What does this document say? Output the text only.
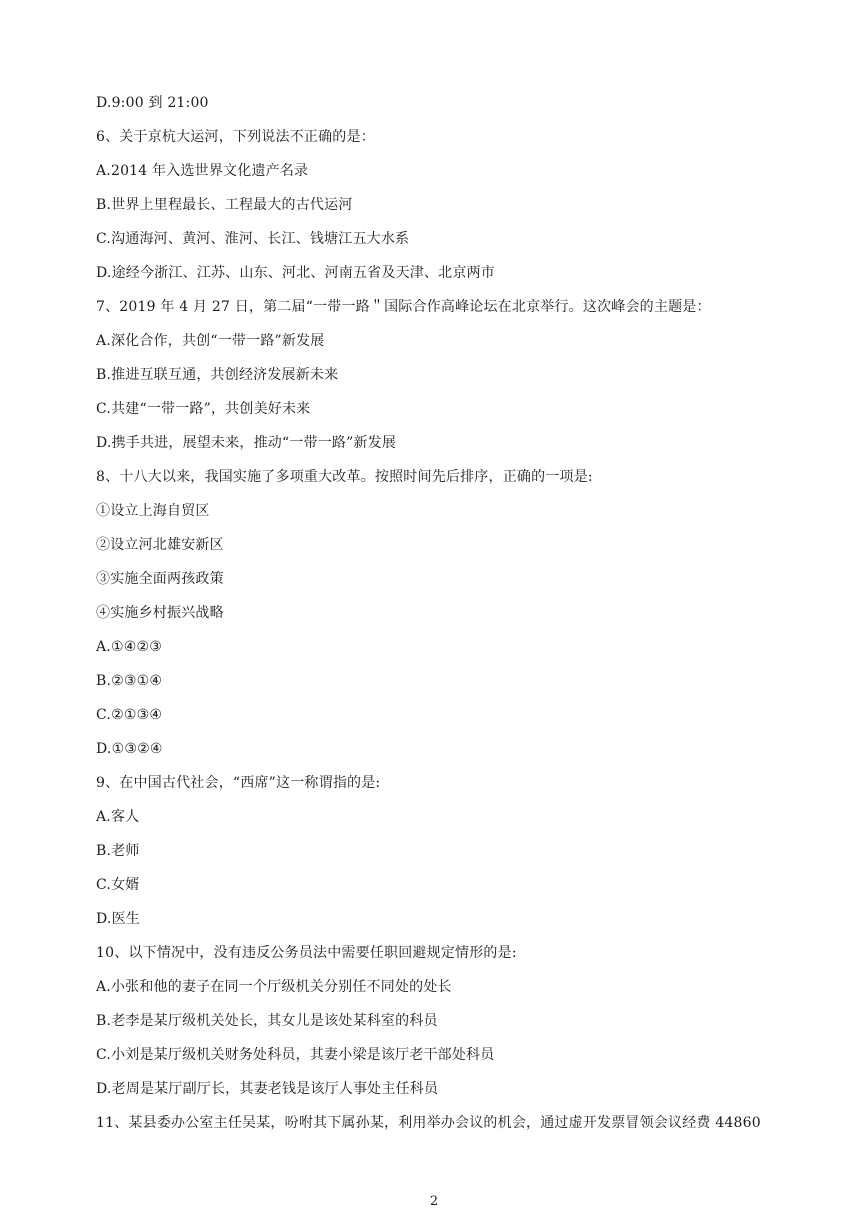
D.9:00 到 21:00
6、关于京杭大运河，下列说法不正确的是：
A.2014 年入选世界文化遗产名录
B.世界上里程最长、工程最大的古代运河
C.沟通海河、黄河、淮河、长江、钱塘江五大水系
D.途经今浙江、江苏、山东、河北、河南五省及天津、北京两市
7、2019 年 4 月 27 日，第二届“一带一路＂国际合作高峰论坛在北京举行。这次峰会的主题是：
A.深化合作，共创“一带一路”新发展
B.推进互联互通，共创经济发展新未来
C.共建“一带一路”，共创美好未来
D.携手共进，展望未来，推动“一带一路”新发展
8、十八大以来，我国实施了多项重大改革。按照时间先后排序，正确的一项是:
①设立上海自贸区
②设立河北雄安新区
③实施全面两孩政策
④实施乡村振兴战略
A.①④②③
B.②③①④
C.②①③④
D.①③②④
9、在中国古代社会，“西席”这一称谓指的是:
A.客人
B.老师
C.女婿
D.医生
10、以下情况中，没有违反公务员法中需要任职回避规定情形的是:
A.小张和他的妻子在同一个厅级机关分别任不同处的处长
B.老李是某厅级机关处长，其女儿是该处某科室的科员
C.小刘是某厅级机关财务处科员，其妻小梁是该厅老干部处科员
D.老周是某厅副厅长，其妻老钱是该厅人事处主任科员
11、某县委办公室主任吴某，吩咐其下属孙某，利用举办会议的机会，通过虚开发票冒领会议经费 44860
2
